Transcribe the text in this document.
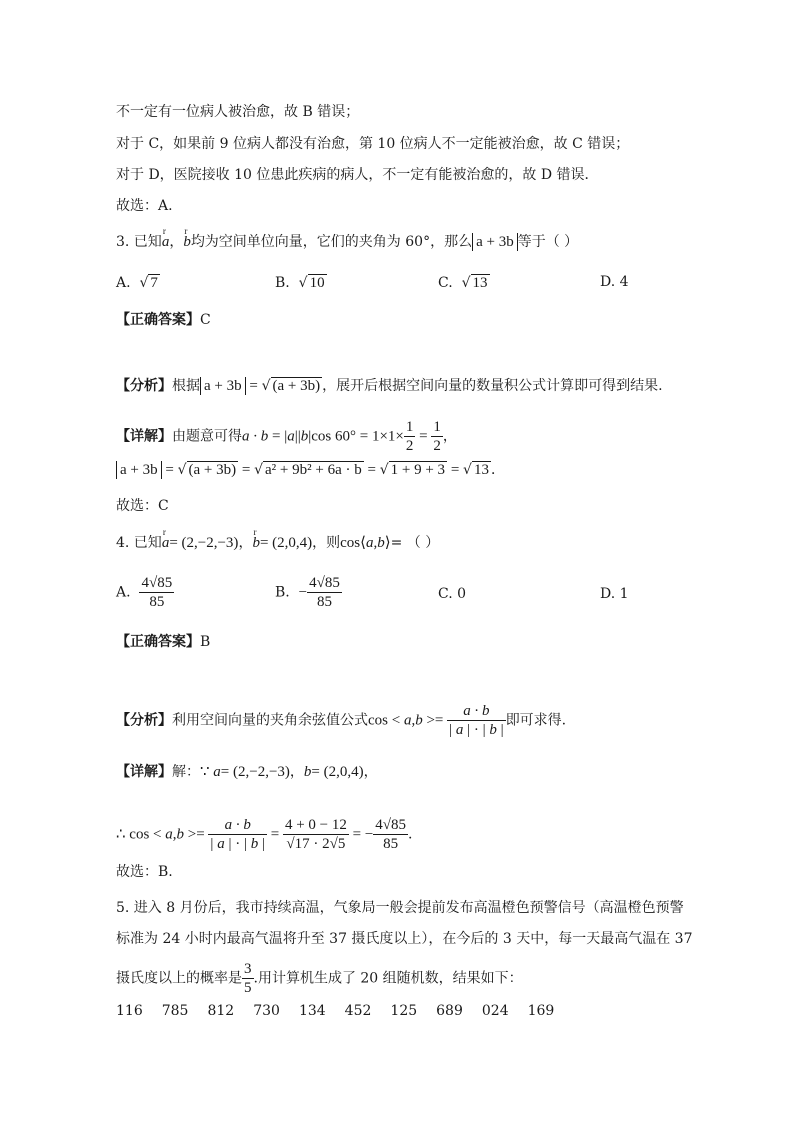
不一定有一位病人被治愈，故 B 错误；
对于 C，如果前 9 位病人都没有治愈，第 10 位病人不一定能被治愈，故 C 错误；
对于 D，医院接收 10 位患此疾病的病人，不一定有能被治愈的，故 D 错误．
故选：A.
3. 已知r a，r b均为空间单位向量，它们的夹角为 60°，那么 a + 3b 等于（ ）
A. √ 7	B. √ 10	C. √ 13	D. 4
【正确答案】C
【分析】根据 a + 3b = √ (a + 3b) ，展开后根据空间向量的数量积公式计算即可得到结果.
【详解】由题意可得a · b = |a||b|cos $60^\circ = 1\times 1\times \frac{1}{2} = \frac{1}{2}$ ，
a + 3b = √ (a + 3b) = √ a² + 9b² + 6a · b = √ 1 + 9 + 3 = √ 13 ．
故选：C
4. 已知r a= (2,−2,−3)，r b= (2,0,4)，则cos⟨a,b⟩= （ ）
A. $\frac{4√85}{85}$	B. − $\frac{4√85}{85}$	C. 0	D. 1
【正确答案】B
【分析】利用空间向量的夹角余弦值公式$\cos < a,b >= \frac{a \cdot b}{| a | \cdot | b |}$ 即可求得.
【详解】解：∵ a= (2,−2,−3)，b= (2,0,4)，
∴ $\cos < a,b >= \frac{a \cdot b}{| a | \cdot | b |} = \frac{4 + 0 - 12}{√17 \cdot 2√5}$ = − $\frac{4√85}{85}$ .
故选：B.
5. 进入 8 月份后，我市持续高温，气象局一般会提前发布高温橙色预警信号（高温橙色预警
标准为 24 小时内最高气温将升至 37 摄氏度以上），在今后的 3 天中，每一天最高气温在 37
摄氏度以上的概率是 $\frac{3}{5}$ .用计算机生成了 20 组随机数，结果如下：
116 785 812 730 134 452 125 689 024 169
